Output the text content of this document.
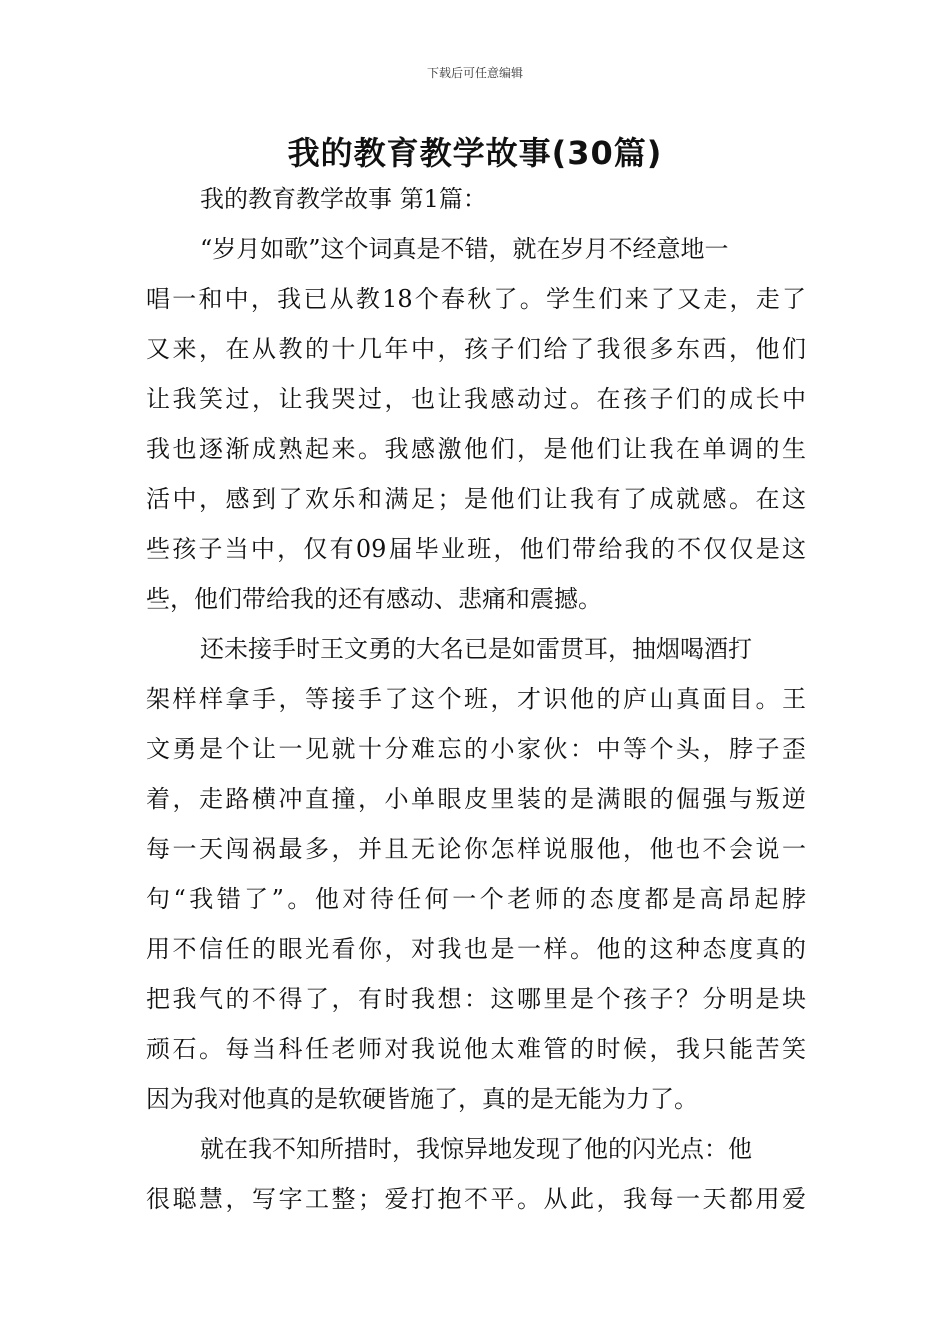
下载后可任意编辑
我的教育教学故事(30篇)
我的教育教学故事 第1篇：
“岁月如歌”这个词真是不错，就在岁月不经意地一
唱一和中，我已从教18个春秋了。学生们来了又走，走了
又来，在从教的十几年中，孩子们给了我很多东西，他们
让我笑过，让我哭过，也让我感动过。在孩子们的成长中
我也逐渐成熟起来。我感激他们，是他们让我在单调的生
活中，感到了欢乐和满足；是他们让我有了成就感。在这
些孩子当中，仅有09届毕业班，他们带给我的不仅仅是这
些，他们带给我的还有感动、悲痛和震撼。
还未接手时王文勇的大名已是如雷贯耳，抽烟喝酒打
架样样拿手，等接手了这个班，才识他的庐山真面目。王
文勇是个让一见就十分难忘的小家伙：中等个头，脖子歪
着，走路横冲直撞，小单眼皮里装的是满眼的倔强与叛逆
每一天闯祸最多，并且无论你怎样说服他，他也不会说一
句“我错了”。他对待任何一个老师的态度都是高昂起脖
用不信任的眼光看你，对我也是一样。他的这种态度真的
把我气的不得了，有时我想：这哪里是个孩子？分明是块
顽石。每当科任老师对我说他太难管的时候，我只能苦笑
因为我对他真的是软硬皆施了，真的是无能为力了。
就在我不知所措时，我惊异地发现了他的闪光点：他
很聪慧，写字工整；爱打抱不平。从此，我每一天都用爱
